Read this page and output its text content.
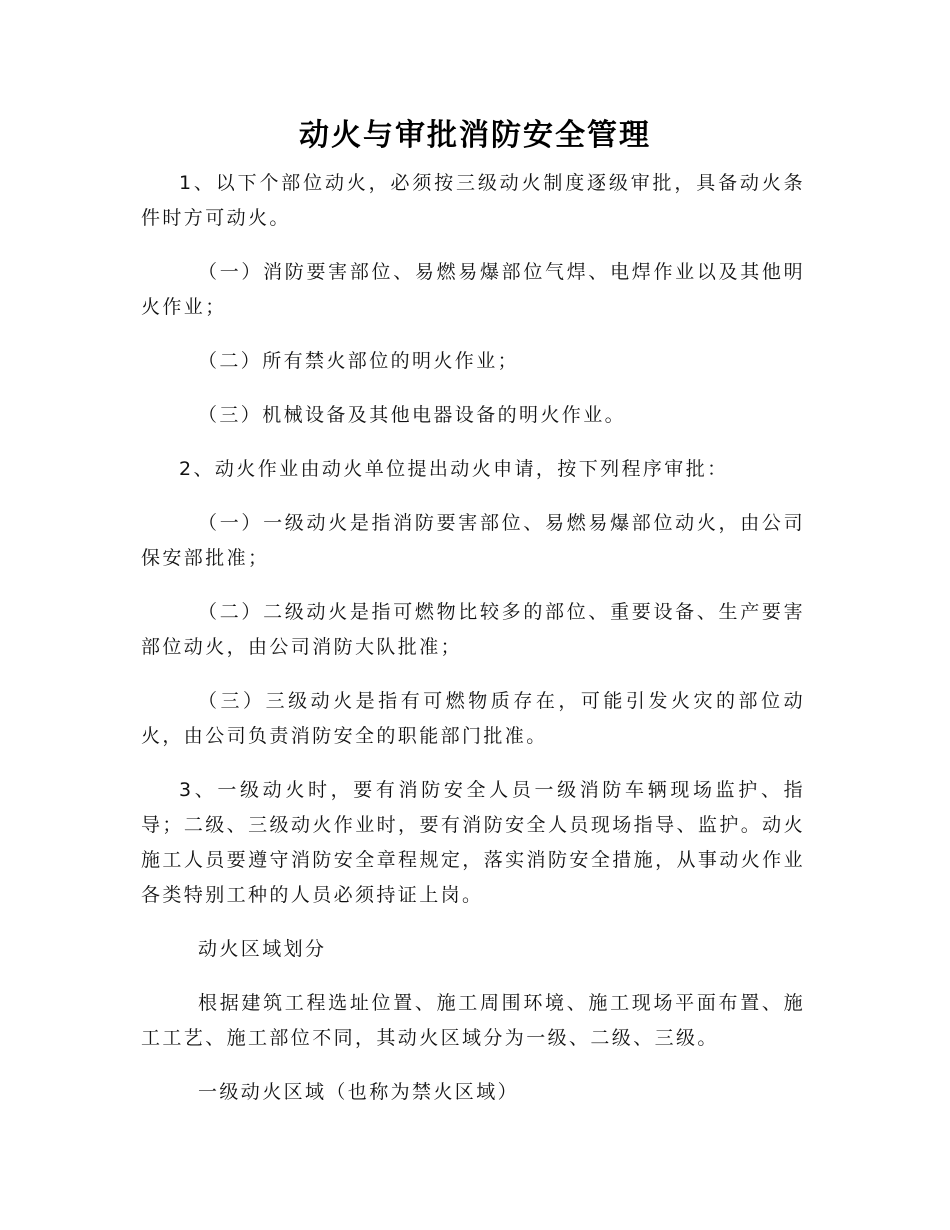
动火与审批消防安全管理

1、以下个部位动火，必须按三级动火制度逐级审批，具备动火条件时方可动火。

（一）消防要害部位、易燃易爆部位气焊、电焊作业以及其他明火作业；

（二）所有禁火部位的明火作业；

（三）机械设备及其他电器设备的明火作业。

2、动火作业由动火单位提出动火申请，按下列程序审批：

（一）一级动火是指消防要害部位、易燃易爆部位动火，由公司保安部批准；

（二）二级动火是指可燃物比较多的部位、重要设备、生产要害部位动火，由公司消防大队批准；

（三）三级动火是指有可燃物质存在，可能引发火灾的部位动火，由公司负责消防安全的职能部门批准。

3、一级动火时，要有消防安全人员一级消防车辆现场监护、指导；二级、三级动火作业时，要有消防安全人员现场指导、监护。动火施工人员要遵守消防安全章程规定，落实消防安全措施，从事动火作业各类特别工种的人员必须持证上岗。

动火区域划分

根据建筑工程选址位置、施工周围环境、施工现场平面布置、施工工艺、施工部位不同，其动火区域分为一级、二级、三级。

一级动火区域（也称为禁火区域）
